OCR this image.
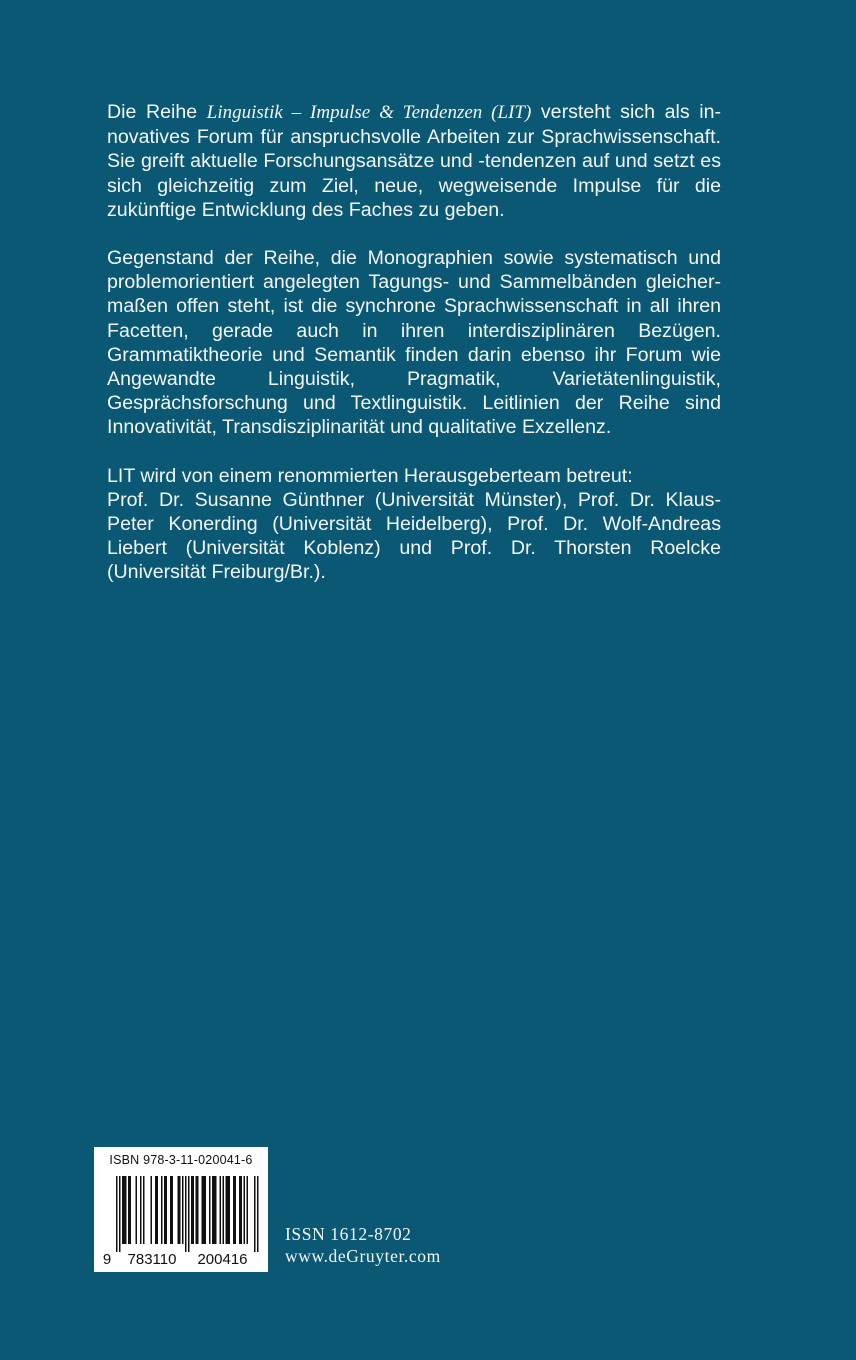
Die Reihe Linguistik – Impulse & Tendenzen (LIT) versteht sich als innovatives Forum für anspruchsvolle Arbeiten zur Sprachwissenschaft. Sie greift aktuelle Forschungsansätze und -tendenzen auf und setzt es sich gleichzeitig zum Ziel, neue, wegweisende Impulse für die zukünftige Entwicklung des Faches zu geben.

Gegenstand der Reihe, die Monographien sowie systematisch und problemorientiert angelegten Tagungs- und Sammelbänden gleichermaßen offen steht, ist die synchrone Sprachwissenschaft in all ihren Facetten, gerade auch in ihren interdisziplinären Bezügen. Grammatiktheorie und Semantik finden darin ebenso ihr Forum wie Angewandte Linguistik, Pragmatik, Varietätenlinguistik, Gesprächsforschung und Textlinguistik. Leitlinien der Reihe sind Innovativität, Transdisziplinarität und qualitative Exzellenz.

LIT wird von einem renommierten Herausgeberteam betreut:

Prof. Dr. Susanne Günthner (Universität Münster), Prof. Dr. Klaus-Peter Konerding (Universität Heidelberg), Prof. Dr. Wolf-Andreas Liebert (Universität Koblenz) und Prof. Dr. Thorsten Roelcke (Universität Freiburg/Br.).

ISBN 978-3-11-020041-6
9 783110 200416
ISSN 1612-8702
www.deGruyter.com
